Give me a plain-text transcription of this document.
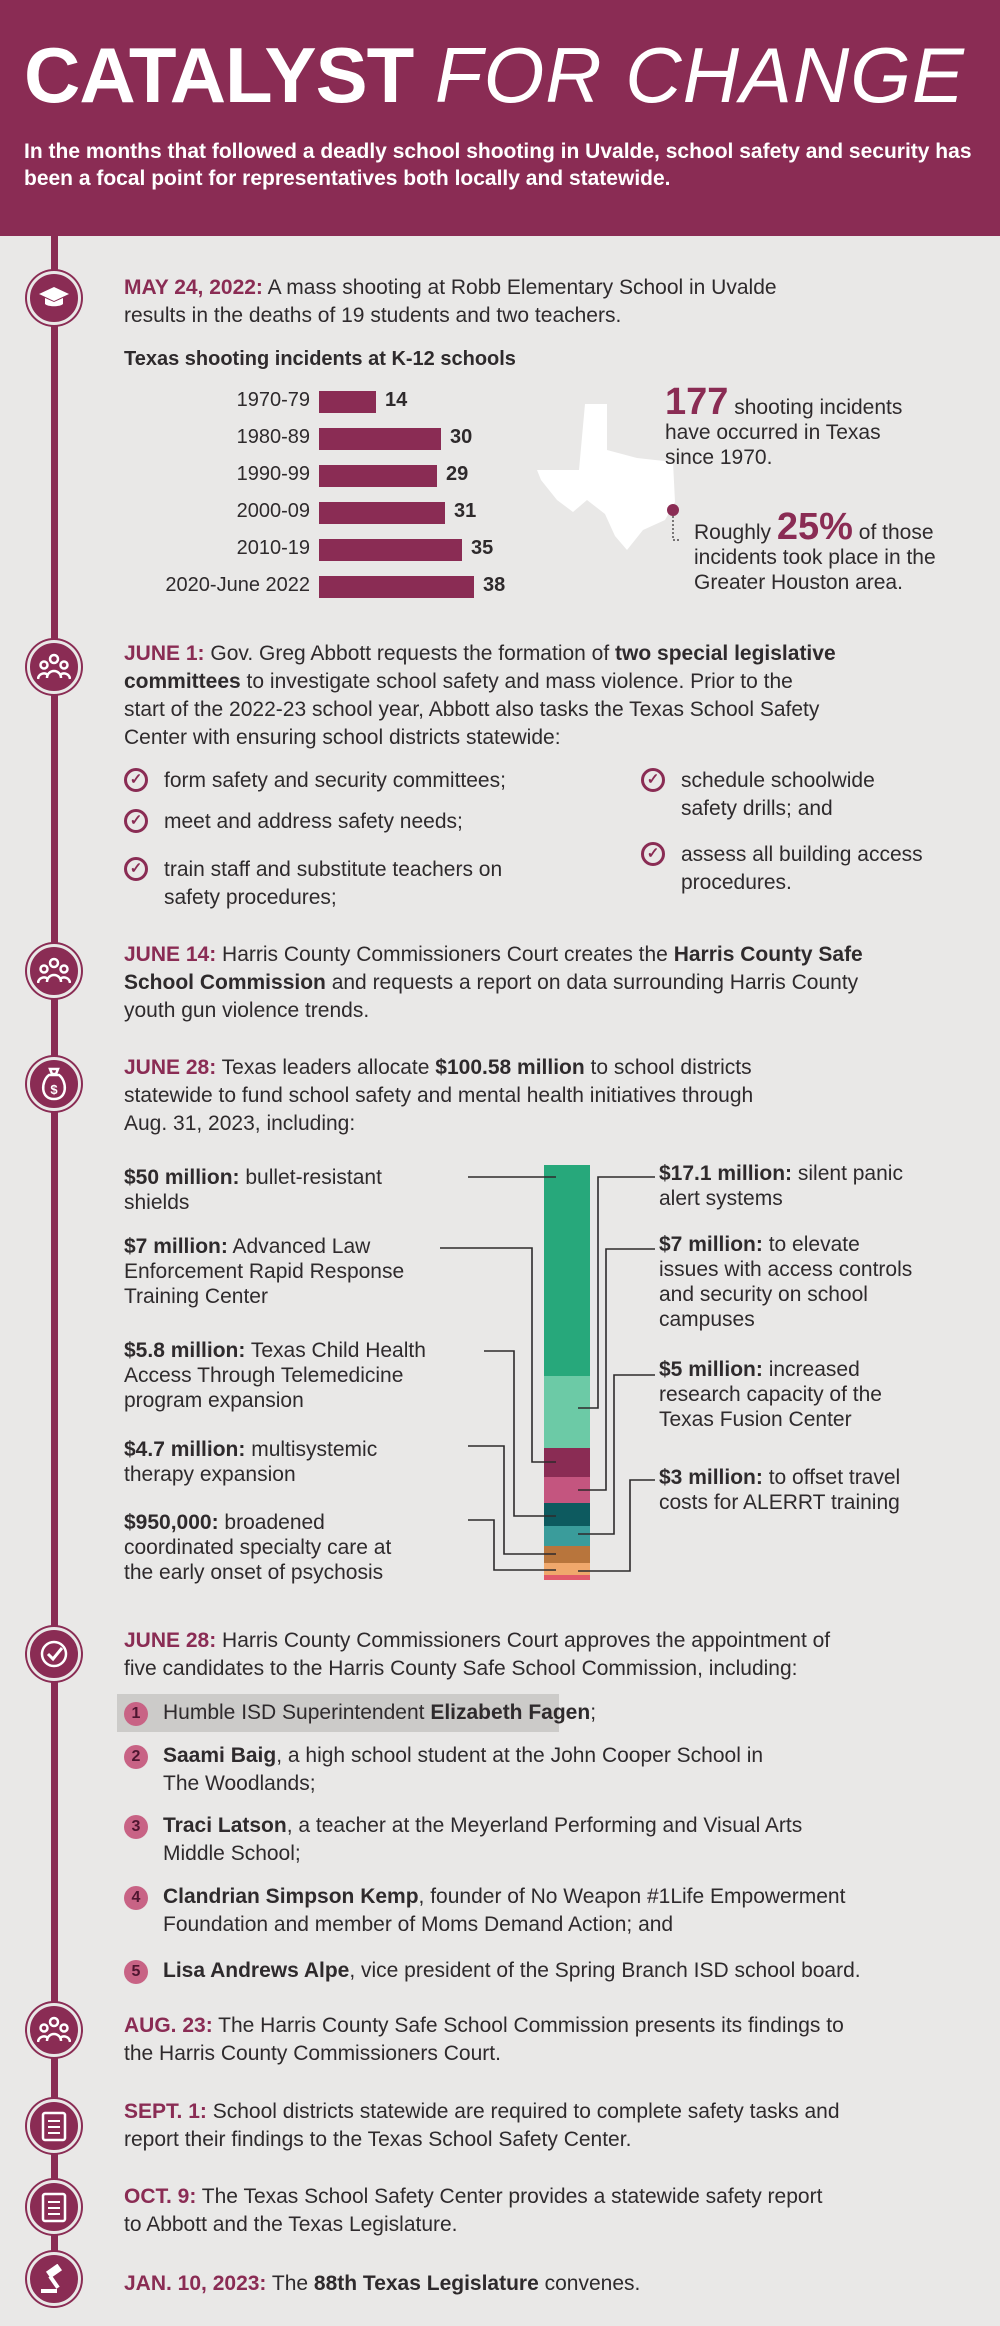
CATALYST FOR CHANGE
In the months that followed a deadly school shooting in Uvalde, school safety and security has been a focal point for representatives both locally and statewide.
$
MAY 24, 2022: A mass shooting at Robb Elementary School in Uvalde
results in the deaths of 19 students and two teachers.
Texas shooting incidents at K-12 schools
1970-79	14
1980-89	30
1990-99	29
2000-09	31
2010-19	35
2020-June 2022	38
177 shooting incidents
have occurred in Texas
since 1970.
Roughly 25% of those
incidents took place in the
Greater Houston area.
JUNE 1: Gov. Greg Abbott requests the formation of two special legislative
committees to investigate school safety and mass violence. Prior to the
start of the 2022-23 school year, Abbott also tasks the Texas School Safety
Center with ensuring school districts statewide:
✓ form safety and security committees;
✓ meet and address safety needs;
✓ train staff and substitute teachers on
safety procedures;
✓ schedule schoolwide
safety drills; and
✓ assess all building access
procedures.
JUNE 14: Harris County Commissioners Court creates the Harris County Safe
School Commission and requests a report on data surrounding Harris County
youth gun violence trends.
JUNE 28: Texas leaders allocate $100.58 million to school districts
statewide to fund school safety and mental health initiatives through
Aug. 31, 2023, including:
$50 million: bullet-resistant
shields
$7 million: Advanced Law
Enforcement Rapid Response
Training Center
$5.8 million: Texas Child Health
Access Through Telemedicine
program expansion
$4.7 million: multisystemic
therapy expansion
$950,000: broadened
coordinated specialty care at
the early onset of psychosis
$17.1 million: silent panic
alert systems
$7 million: to elevate
issues with access controls
and security on school
campuses
$5 million: increased
research capacity of the
Texas Fusion Center
$3 million: to offset travel
costs for ALERRT training
JUNE 28: Harris County Commissioners Court approves the appointment of
five candidates to the Harris County Safe School Commission, including:
1	Humble ISD Superintendent Elizabeth Fagen;
2	Saami Baig, a high school student at the John Cooper School in
The Woodlands;
3	Traci Latson, a teacher at the Meyerland Performing and Visual Arts
Middle School;
4	Clandrian Simpson Kemp, founder of No Weapon #1Life Empowerment
Foundation and member of Moms Demand Action; and
5	Lisa Andrews Alpe, vice president of the Spring Branch ISD school board.
AUG. 23: The Harris County Safe School Commission presents its findings to
the Harris County Commissioners Court.
SEPT. 1: School districts statewide are required to complete safety tasks and
report their findings to the Texas School Safety Center.
OCT. 9: The Texas School Safety Center provides a statewide safety report
to Abbott and the Texas Legislature.
JAN. 10, 2023: The 88th Texas Legislature convenes.
